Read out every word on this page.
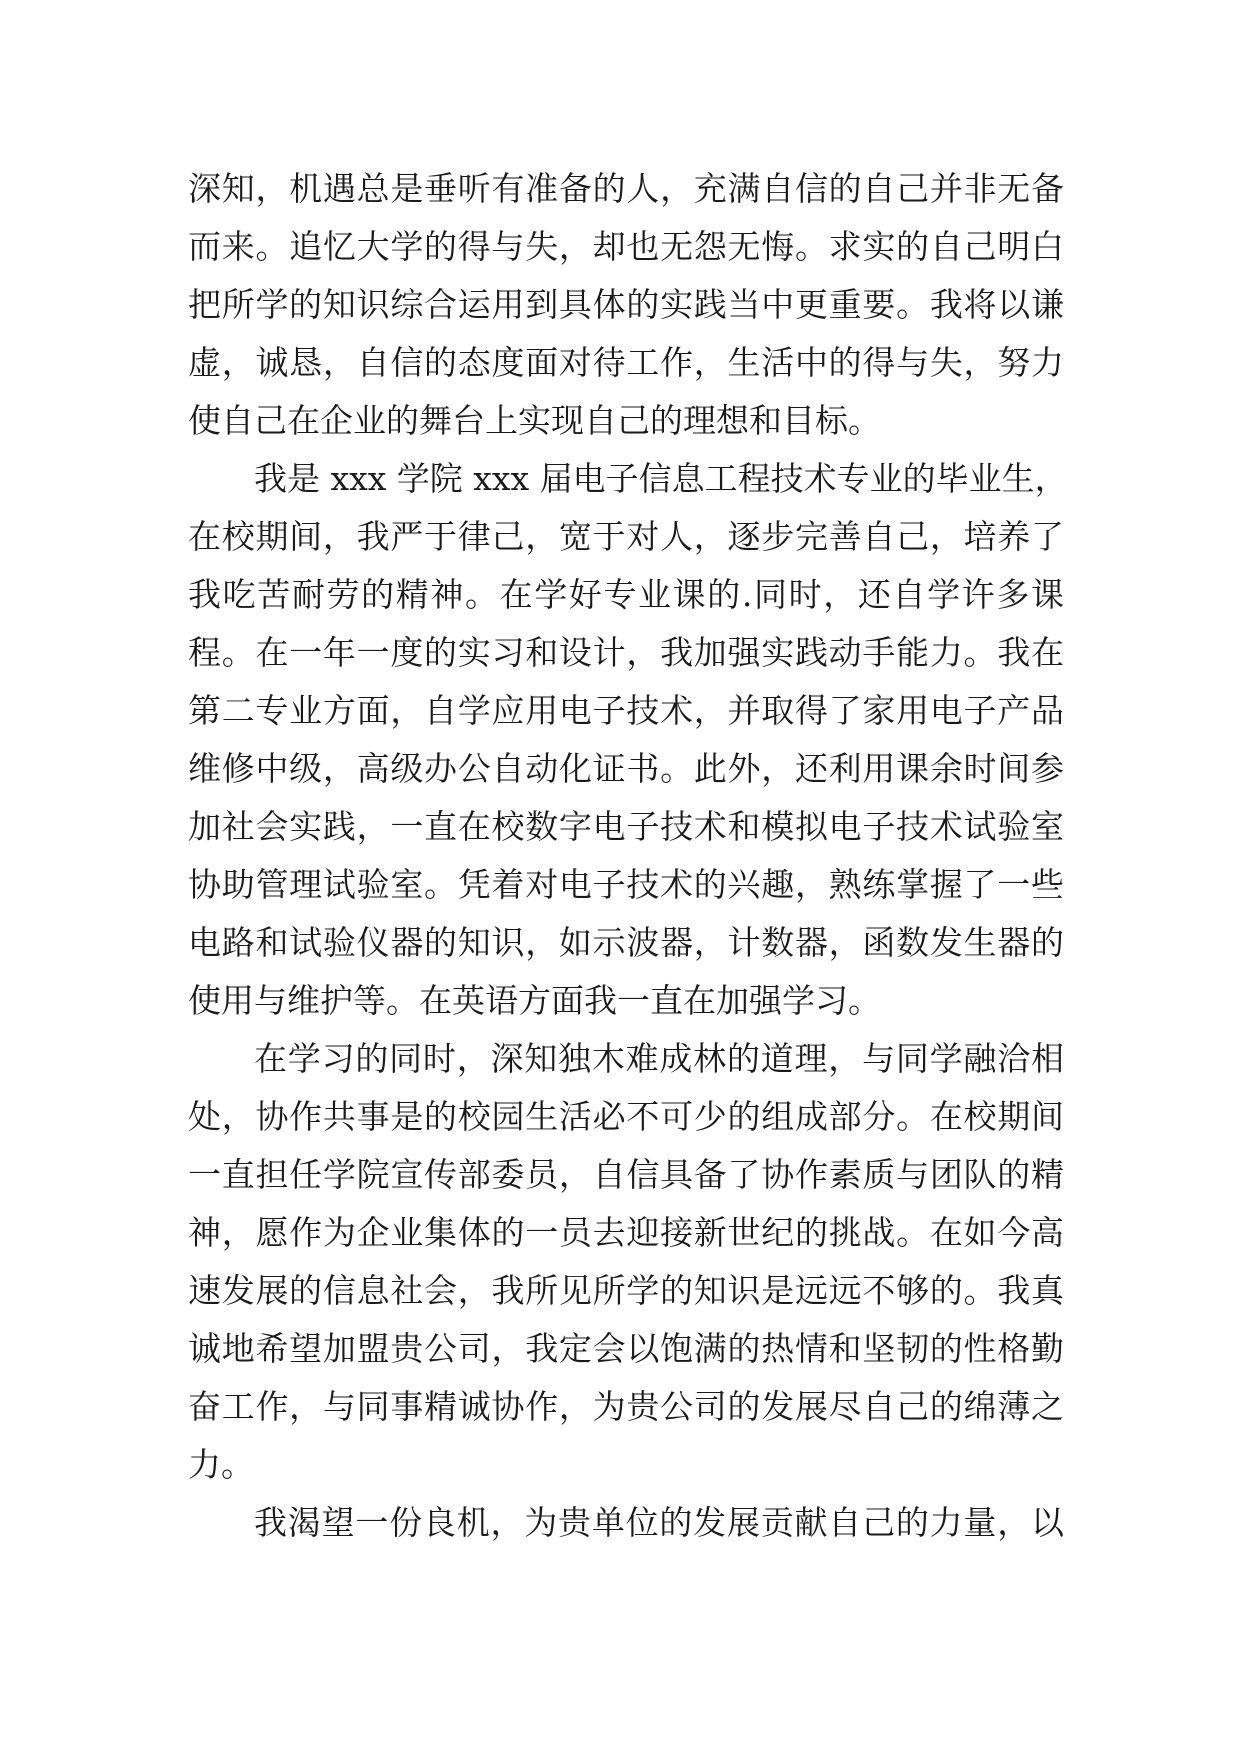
深知，机遇总是垂听有准备的人，充满自信的自己并非无备
而来。追忆大学的得与失，却也无怨无悔。求实的自己明白
把所学的知识综合运用到具体的实践当中更重要。我将以谦
虚，诚恳，自信的态度面对待工作，生活中的得与失，努力
使自己在企业的舞台上实现自己的理想和目标。
我是 xxx 学院 xxx 届电子信息工程技术专业的毕业生，
在校期间，我严于律己，宽于对人，逐步完善自己，培养了
我吃苦耐劳的精神。在学好专业课的.同时，还自学许多课
程。在一年一度的实习和设计，我加强实践动手能力。我在
第二专业方面，自学应用电子技术，并取得了家用电子产品
维修中级，高级办公自动化证书。此外，还利用课余时间参
加社会实践，一直在校数字电子技术和模拟电子技术试验室
协助管理试验室。凭着对电子技术的兴趣，熟练掌握了一些
电路和试验仪器的知识，如示波器，计数器，函数发生器的
使用与维护等。在英语方面我一直在加强学习。
在学习的同时，深知独木难成林的道理，与同学融洽相
处，协作共事是的校园生活必不可少的组成部分。在校期间
一直担任学院宣传部委员，自信具备了协作素质与团队的精
神，愿作为企业集体的一员去迎接新世纪的挑战。在如今高
速发展的信息社会，我所见所学的知识是远远不够的。我真
诚地希望加盟贵公司，我定会以饱满的热情和坚韧的性格勤
奋工作，与同事精诚协作，为贵公司的发展尽自己的绵薄之
力。
我渴望一份良机，为贵单位的发展贡献自己的力量，以
